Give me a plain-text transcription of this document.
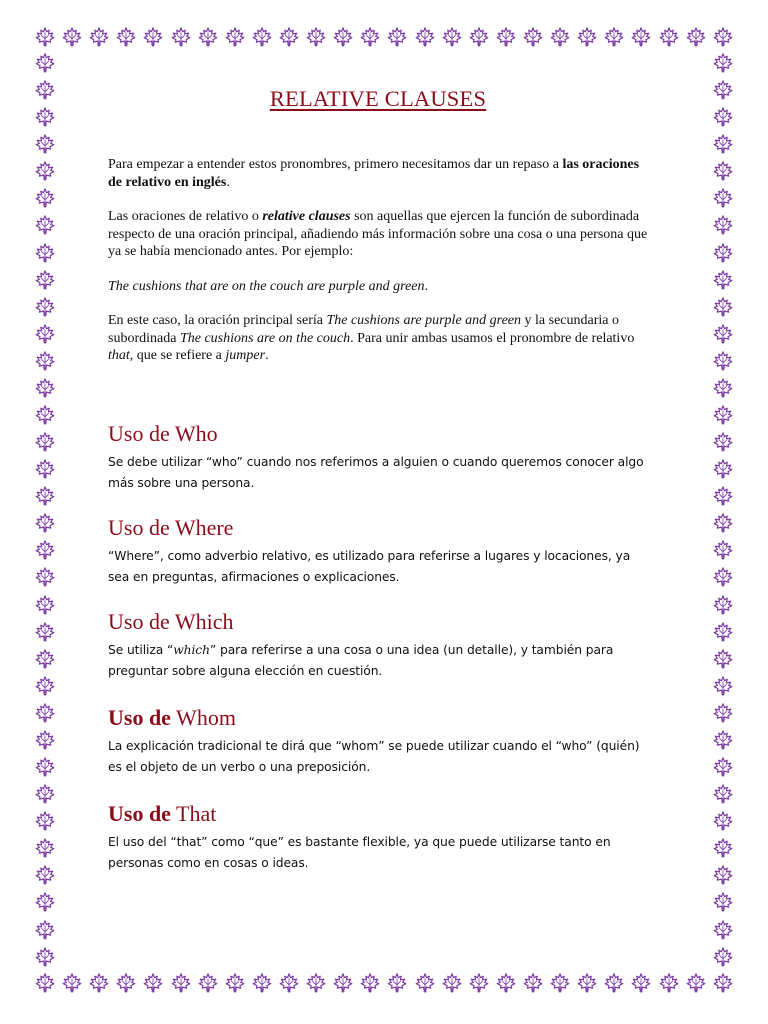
RELATIVE CLAUSES

Para empezar a entender estos pronombres, primero necesitamos dar un repaso a las oraciones de relativo en inglés.

Las oraciones de relativo o relative clauses son aquellas que ejercen la función de subordinada respecto de una oración principal, añadiendo más información sobre una cosa o una persona que ya se había mencionado antes. Por ejemplo:

The cushions that are on the couch are purple and green.

En este caso, la oración principal sería The cushions are purple and green y la secundaria o subordinada The cushions are on the couch. Para unir ambas usamos el pronombre de relativo that, que se refiere a jumper.

Uso de Who

Se debe utilizar “who” cuando nos referimos a alguien o cuando queremos conocer algo más sobre una persona.

Uso de Where

“Where”, como adverbio relativo, es utilizado para referirse a lugares y locaciones, ya sea en preguntas, afirmaciones o explicaciones.

Uso de Which

Se utiliza “which” para referirse a una cosa o una idea (un detalle), y también para preguntar sobre alguna elección en cuestión.

Uso de Whom

La explicación tradicional te dirá que “whom” se puede utilizar cuando el “who” (quién) es el objeto de un verbo o una preposición.

Uso de That

El uso del “that” como “que” es bastante flexible, ya que puede utilizarse tanto en personas como en cosas o ideas.
